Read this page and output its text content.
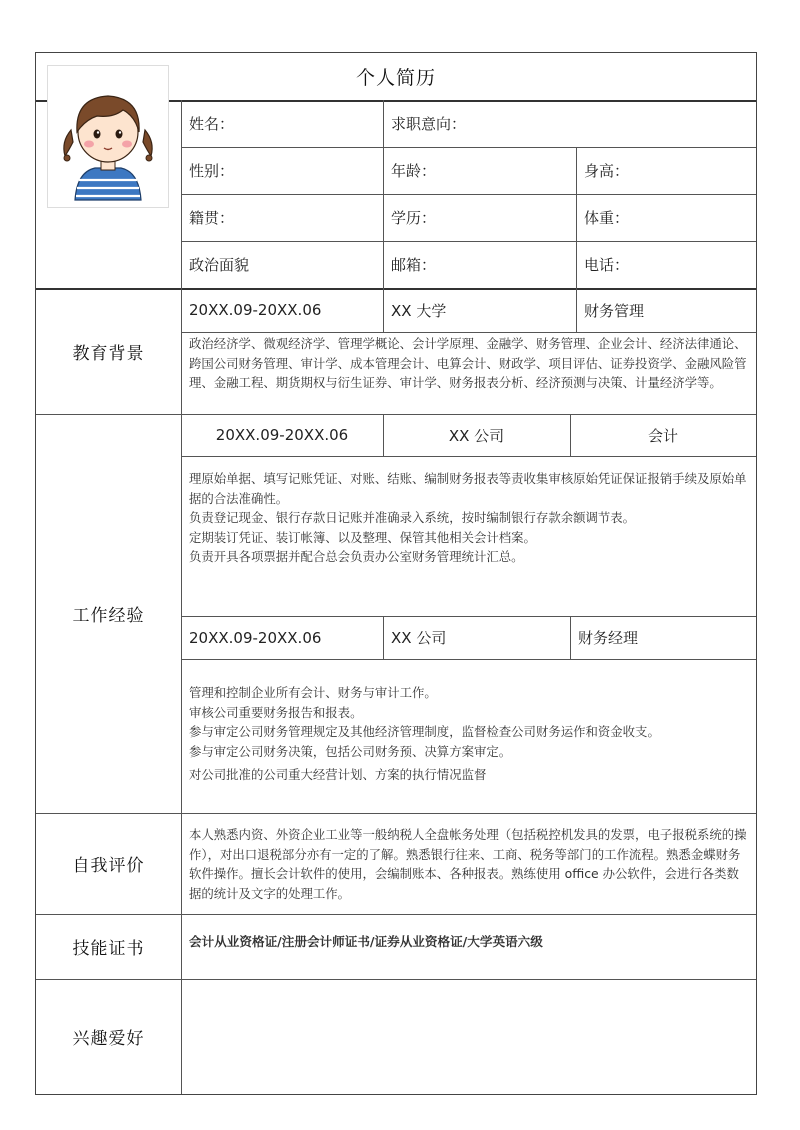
个人简历
姓名：	求职意向：
性别：	年龄：	身高：
籍贯：	学历：	体重：
政治面貌	邮箱：	电话：
教育背景
20XX.09-20XX.06	XX 大学	财务管理

政治经济学、微观经济学、管理学概论、会计学原理、金融学、财务管理、企业会计、经济法律通论、跨国公司财务管理、审计学、成本管理会计、电算会计、财政学、项目评估、证券投资学、金融风险管理、金融工程、期货期权与衍生证券、审计学、财务报表分析、经济预测与决策、计量经济学等。

工作经验
20XX.09-20XX.06	XX 公司	会计

理原始单据、填写记账凭证、对账、结账、编制财务报表等责收集审核原始凭证保证报销手续及原始单据的合法准确性。

负责登记现金、银行存款日记账并准确录入系统，按时编制银行存款余额调节表。

定期装订凭证、装订帐簿、以及整理、保管其他相关会计档案。

负责开具各项票据并配合总会负责办公室财务管理统计汇总。

20XX.09-20XX.06	XX 公司	财务经理

管理和控制企业所有会计、财务与审计工作。

审核公司重要财务报告和报表。

参与审定公司财务管理规定及其他经济管理制度，监督检查公司财务运作和资金收支。

参与审定公司财务决策，包括公司财务预、决算方案审定。

对公司批准的公司重大经营计划、方案的执行情况监督

自我评价

本人熟悉内资、外资企业工业等一般纳税人全盘帐务处理（包括税控机发具的发票，电子报税系统的操作），对出口退税部分亦有一定的了解。熟悉银行往来、工商、税务等部门的工作流程。熟悉金蝶财务软件操作。擅长会计软件的使用，会编制账本、各种报表。熟练使用 office 办公软件，会进行各类数据的统计及文字的处理工作。

技能证书	会计从业资格证/注册会计师证书/证券从业资格证/大学英语六级
兴趣爱好
